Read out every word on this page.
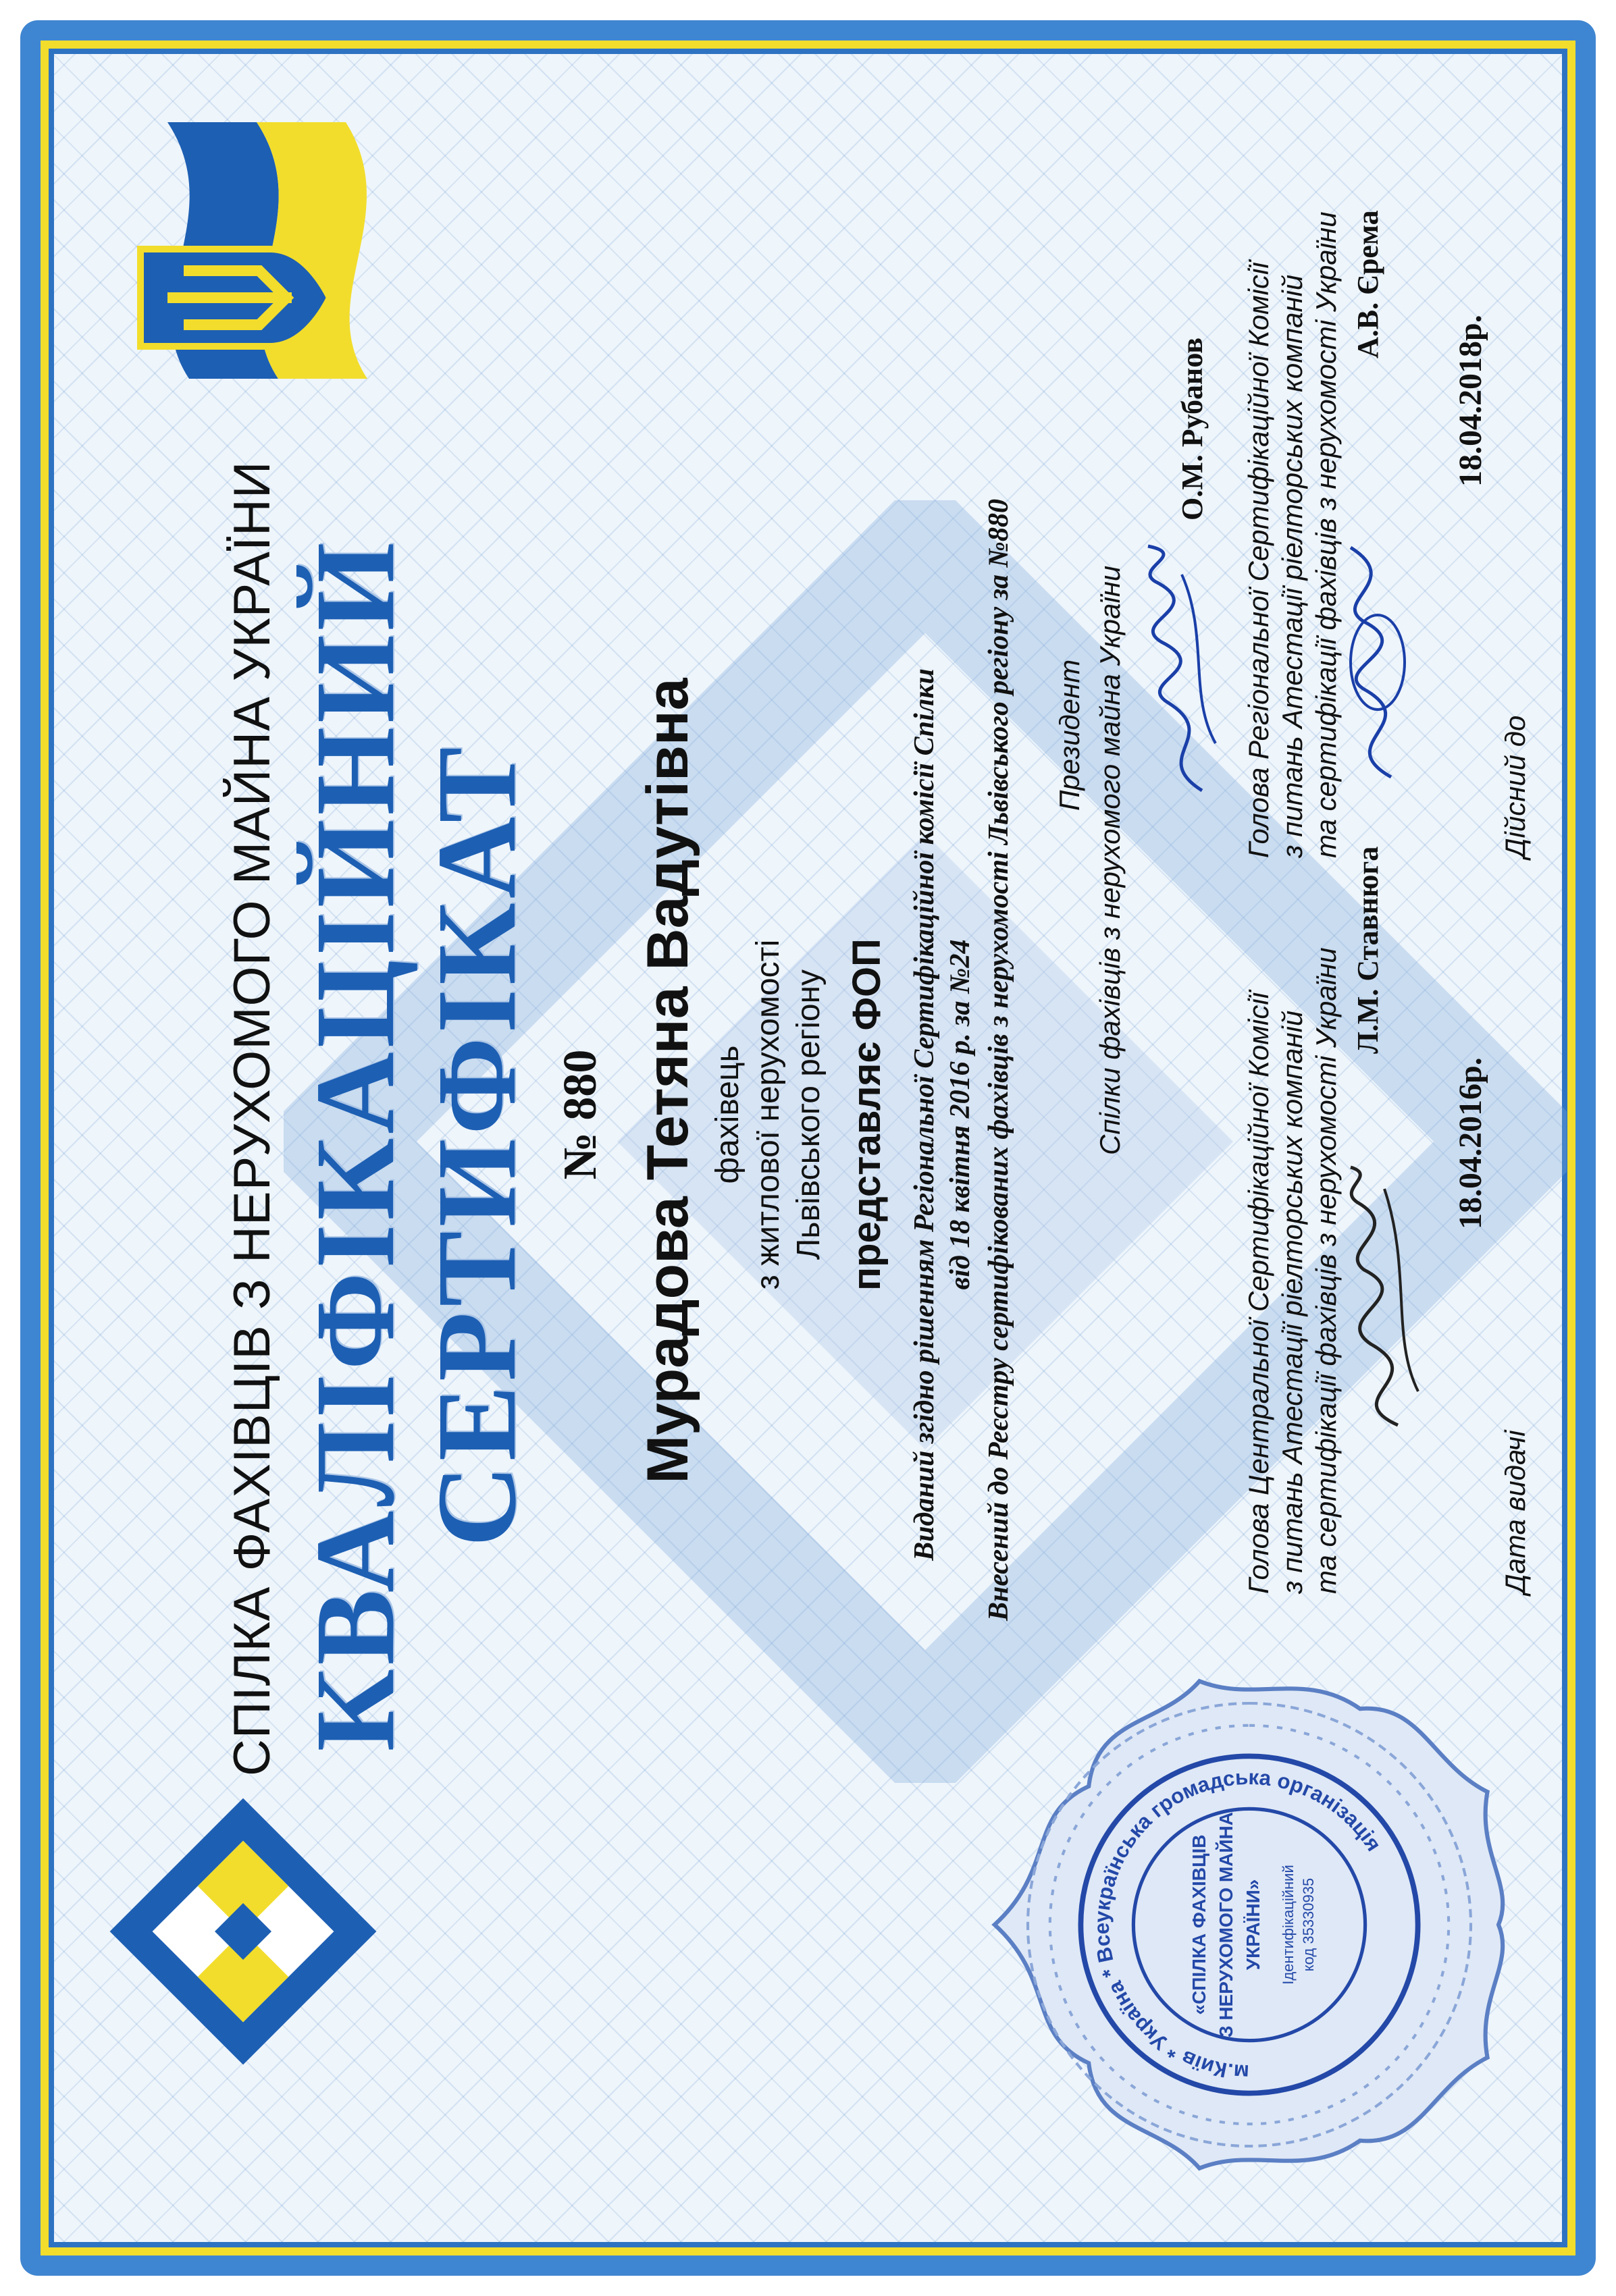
СПІЛКА ФАХІВЦІВ З НЕРУХОМОГО МАЙНА УКРАЇНИ КВАЛІФІКАЦІЙНИЙ
СЕРТИФІКАТ № 880 Мурадова Тетяна Вадутівна фахівець з житлової нерухомості Львівського регіону представляє ФОП Виданий згідно рішенням Регіональної Сертифікаційної комісії Спілки від 18 квітня 2016 р. за №24 Внесений до Реєстру сертифікованих фахівців з нерухомості Львівського регіону за №880 Президент Спілки фахівців з нерухомого майна України
О.М. Рубанов
Голова Центральної Сертифікаційної Комісії з питань Атестації ріелторських компаній та сертифікації фахівців з нерухомості України Л.М. Ставнюга
Голова Регіональної Сертифікаційної Комісії з питань Атестації ріелторських компаній та сертифікації фахівців з нерухомості України А.В. Єрема
Дата видачі
18.04.2016р.
Дійсний до
18.04.2018р.
м.Київ * Україна * Всеукраїнська громадська організація
«СПІЛКА ФАХІВЦІВ З НЕРУХОМОГО МАЙНА УКРАЇНИ» Ідентифікаційний код 35330935
